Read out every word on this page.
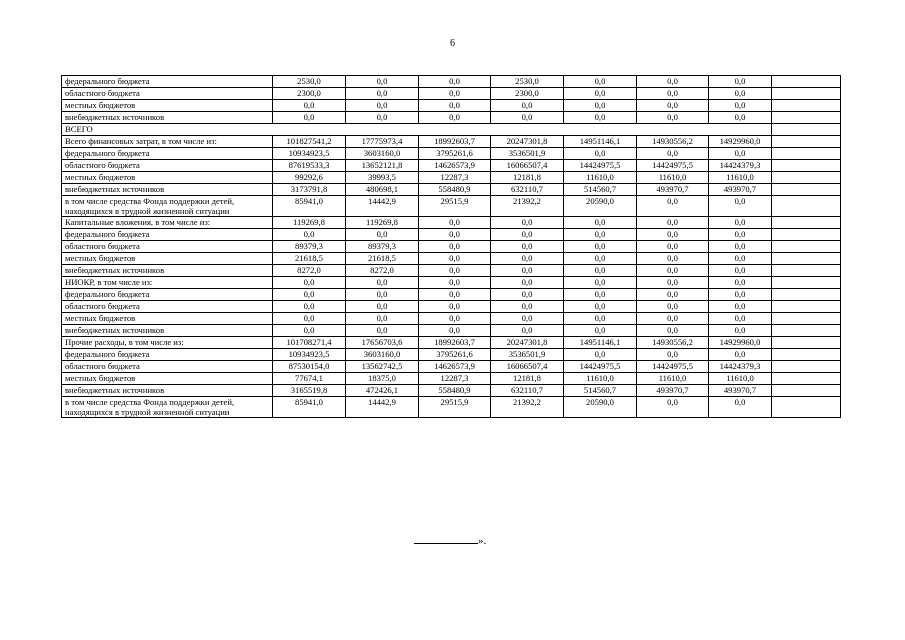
6
федерального бюджета	2530,0	0,0	0,0	2530,0	0,0	0,0	0,0	
областного бюджета	2300,0	0,0	0,0	2300,0	0,0	0,0	0,0	
местных бюджетов	0,0	0,0	0,0	0,0	0,0	0,0	0,0	
внебюджетных источников	0,0	0,0	0,0	0,0	0,0	0,0	0,0	
ВСЕГО								
Всего финансовых затрат, в том числе из:	101827541,2	17775973,4	18992603,7	20247301,8	14951146,1	14930556,2	14929960,0	
федерального бюджета	10934923,5	3603160,0	3795261,6	3536501,9	0,0	0,0	0,0	
областного бюджета	87619533,3	13652121,8	14626573,9	16066507,4	14424975,5	14424975,5	14424379,3	
местных бюджетов	99292,6	39993,5	12287,3	12181,8	11610,0	11610,0	11610,0	
внебюджетных источников	3173791,8	480698,1	558480,9	632110,7	514560,7	493970,7	493970,7	
в том числе средства Фонда поддержки детей, находящихся в трудной жизненной ситуации	85941,0	14442,9	29515,9	21392,2	20590,0	0,0	0,0	
Капитальные вложения, в том числе из:	119269,8	119269,8	0,0	0,0	0,0	0,0	0,0	
федерального бюджета	0,0	0,0	0,0	0,0	0,0	0,0	0,0	
областного бюджета	89379,3	89379,3	0,0	0,0	0,0	0,0	0,0	
местных бюджетов	21618,5	21618,5	0,0	0,0	0,0	0,0	0,0	
внебюджетных источников	8272,0	8272,0	0,0	0,0	0,0	0,0	0,0	
НИОКР, в том числе из:	0,0	0,0	0,0	0,0	0,0	0,0	0,0	
федерального бюджета	0,0	0,0	0,0	0,0	0,0	0,0	0,0	
областного бюджета	0,0	0,0	0,0	0,0	0,0	0,0	0,0	
местных бюджетов	0,0	0,0	0,0	0,0	0,0	0,0	0,0	
внебюджетных источников	0,0	0,0	0,0	0,0	0,0	0,0	0,0	
Прочие расходы, в том числе из:	101708271,4	17656703,6	18992603,7	20247301,8	14951146,1	14930556,2	14929960,0	
федерального бюджета	10934923,5	3603160,0	3795261,6	3536501,9	0,0	0,0	0,0	
областного бюджета	87530154,0	13562742,5	14626573,9	16066507,4	14424975,5	14424975,5	14424379,3	
местных бюджетов	77674,1	18375,0	12287,3	12181,8	11610,0	11610,0	11610,0	
внебюджетных источников	3165519,8	472426,1	558480,9	632110,7	514560,7	493970,7	493970,7	
в том числе средства Фонда поддержки детей, находящихся в трудной жизненной ситуации	85941,0	14442,9	29515,9	21392,2	20590,0	0,0	0,0	
».
